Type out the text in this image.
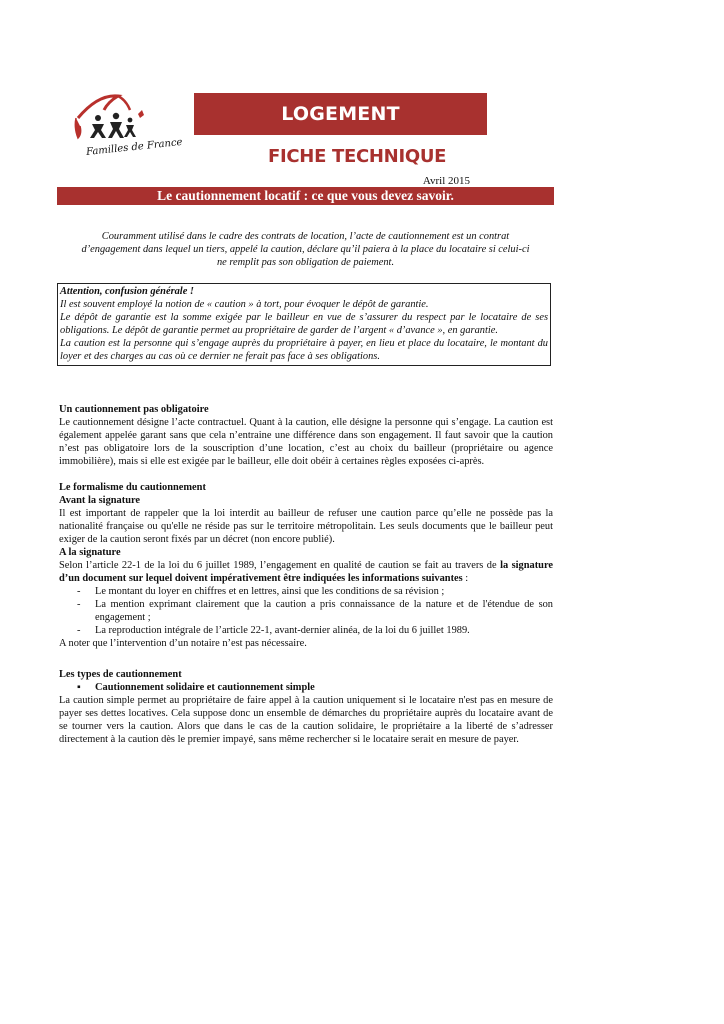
Familles de France
LOGEMENT
FICHE TECHNIQUE
Avril 2015
Le cautionnement locatif : ce que vous devez savoir.
Couramment utilisé dans le cadre des contrats de location, l’acte de cautionnement est un contrat
d’engagement dans lequel un tiers, appelé la caution, déclare qu’il paiera à la place du locataire si celui-ci
ne remplit pas son obligation de paiement.
Attention, confusion générale !
Il est souvent employé la notion de « caution » à tort, pour évoquer le dépôt de garantie.
Le dépôt de garantie est la somme exigée par le bailleur en vue de s’assurer du respect par le locataire de ses obligations. Le dépôt de garantie permet au propriétaire de garder de l’argent « d’avance », en garantie.
La caution est la personne qui s’engage auprès du propriétaire à payer, en lieu et place du locataire, le montant du loyer et des charges au cas où ce dernier ne ferait pas face à ses obligations.
Un cautionnement pas obligatoire

Le cautionnement désigne l’acte contractuel. Quant à la caution, elle désigne la personne qui s’engage. La caution est également appelée garant sans que cela n’entraine une différence dans son engagement. Il faut savoir que la caution n’est pas obligatoire lors de la souscription d’une location, c’est au choix du bailleur (propriétaire ou agence immobilière), mais si elle est exigée par le bailleur, elle doit obéir à certaines règles exposées ci-après.

Le formalisme du cautionnement
Avant la signature

Il est important de rappeler que la loi interdit au bailleur de refuser une caution parce qu’elle ne possède pas la nationalité française ou qu'elle ne réside pas sur le territoire métropolitain. Les seuls documents que le bailleur peut exiger de la caution seront fixés par un décret (non encore publié).

A la signature

Selon l’article 22-1 de la loi du 6 juillet 1989, l’engagement en qualité de caution se fait au travers de la signature d’un document sur lequel doivent impérativement être indiquées les informations suivantes :

- Le montant du loyer en chiffres et en lettres, ainsi que les conditions de sa révision ;
- La mention exprimant clairement que la caution a pris connaissance de la nature et de l'étendue de son engagement ;
- La reproduction intégrale de l’article 22-1, avant-dernier alinéa, de la loi du 6 juillet 1989.

A noter que l’intervention d’un notaire n’est pas nécessaire.

Les types de cautionnement
▪ Cautionnement solidaire et cautionnement simple

La caution simple permet au propriétaire de faire appel à la caution uniquement si le locataire n'est pas en mesure de payer ses dettes locatives. Cela suppose donc un ensemble de démarches du propriétaire auprès du locataire avant de se tourner vers la caution. Alors que dans le cas de la caution solidaire, le propriétaire a la liberté de s’adresser directement à la caution dès le premier impayé, sans même rechercher si le locataire serait en mesure de payer.
